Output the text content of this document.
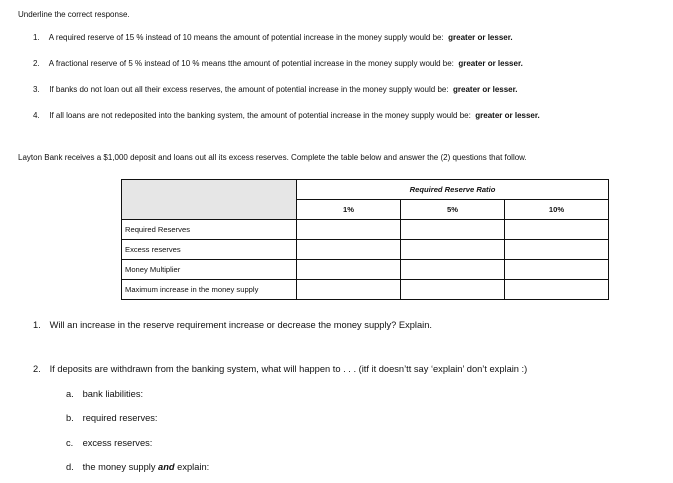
Underline the correct response.
1. A required reserve of 15 % instead of 10 means the amount of potential increase in the money supply would be: greater or lesser.
2. A fractional reserve of 5 % instead of 10 % means tthe amount of potential increase in the money supply would be: greater or lesser.
3. If banks do not loan out all their excess reserves, the amount of potential increase in the money supply would be: greater or lesser.
4. If all loans are not redeposited into the banking system, the amount of potential increase in the money supply would be: greater or lesser.
Layton Bank receives a $1,000 deposit and loans out all its excess reserves. Complete the table below and answer the (2) questions that follow.
	Required Reserve Ratio		
	1%	5%	10%
Required Reserves			
Excess reserves			
Money Multiplier			
Maximum increase in the money supply			
1. Will an increase in the reserve requirement increase or decrease the money supply? Explain.
2. If deposits are withdrawn from the banking system, what will happen to . . . (itf it doesn’tt say ‘explain’ don’t explain :)
a. bank liabilities:
b. required reserves:
c. excess reserves:
d. the money supply and explain:
